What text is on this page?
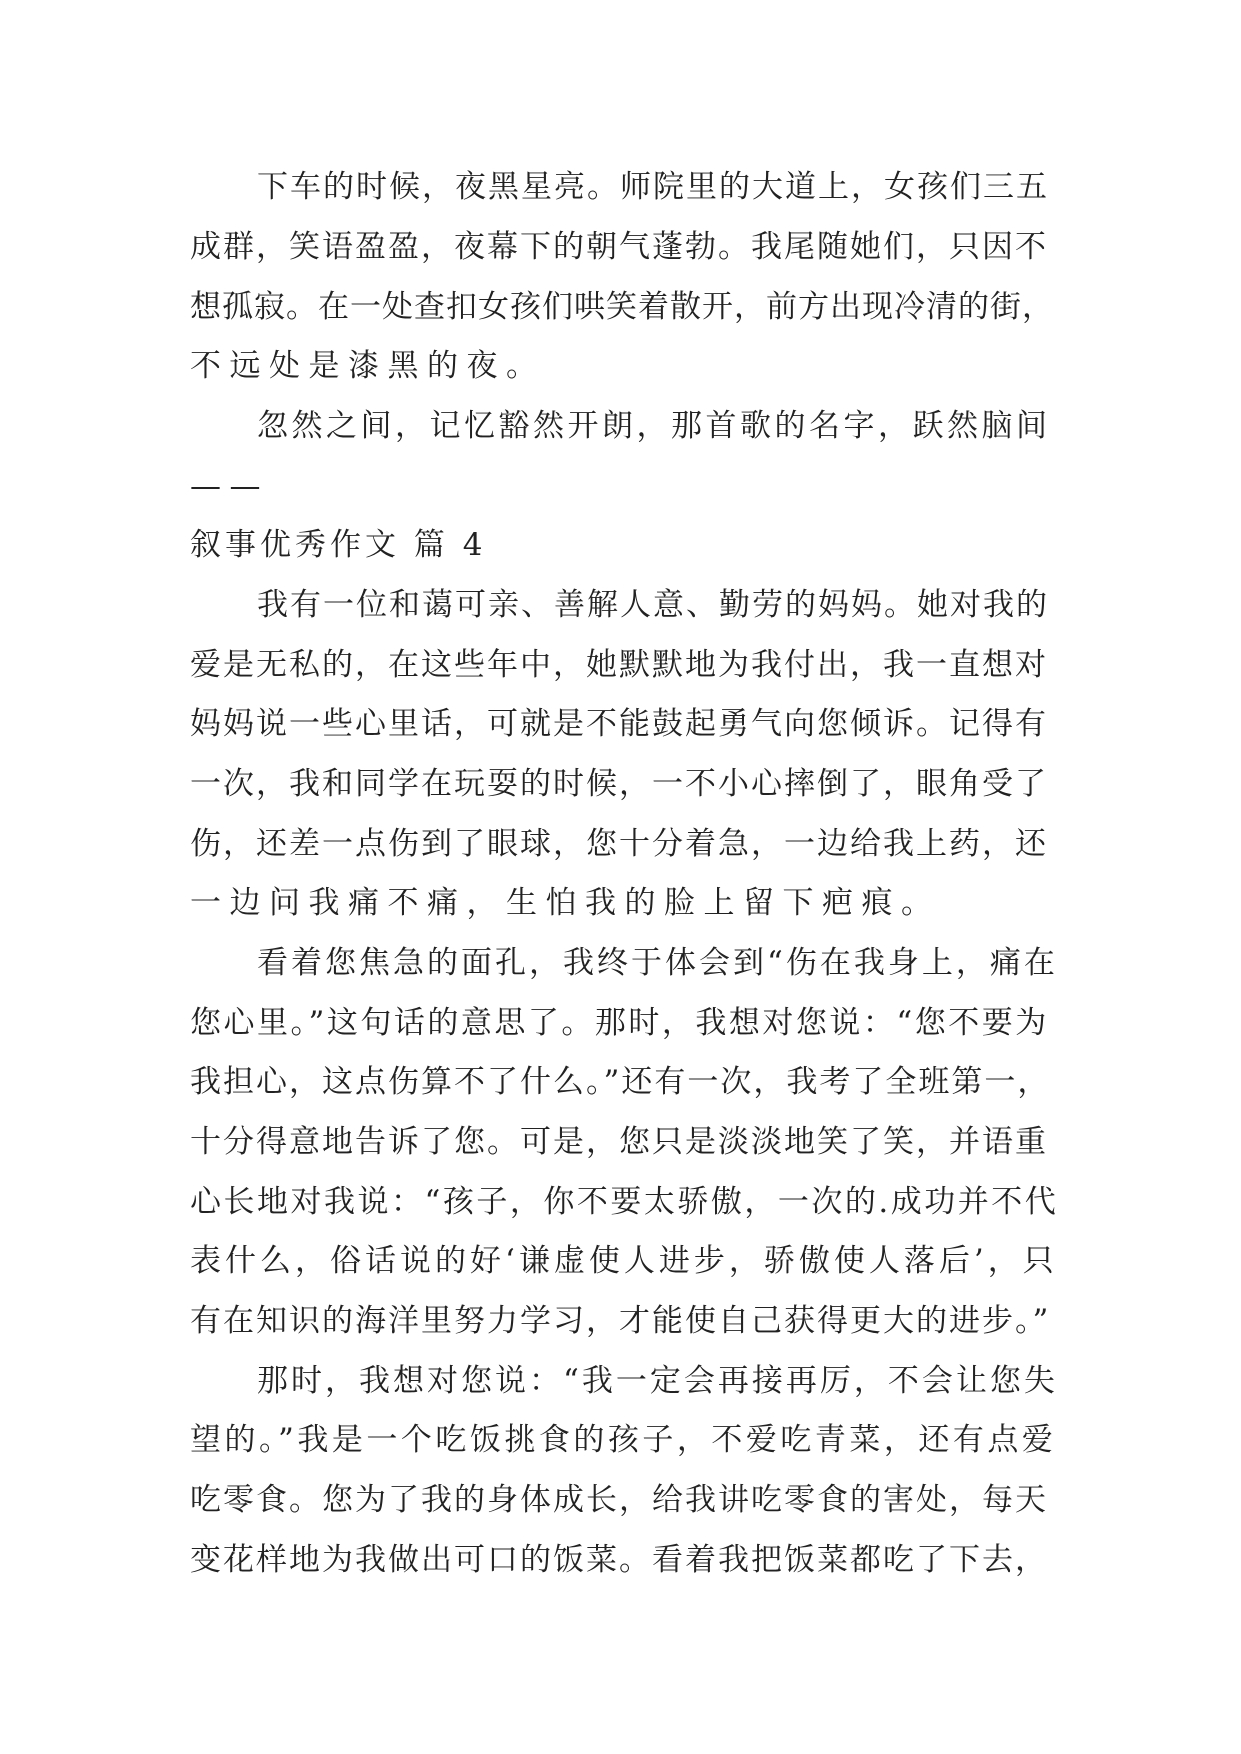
下车的时候，夜黑星亮。师院里的大道上，女孩们三五

成群，笑语盈盈，夜幕下的朝气蓬勃。我尾随她们，只因不

想孤寂。在一处查扣女孩们哄笑着散开，前方出现冷清的街，

不远处是漆黑的夜。

忽然之间，记忆豁然开朗，那首歌的名字，跃然脑间

——

叙事优秀作文 篇 4

我有一位和蔼可亲、善解人意、勤劳的妈妈。她对我的

爱是无私的，在这些年中，她默默地为我付出，我一直想对

妈妈说一些心里话，可就是不能鼓起勇气向您倾诉。记得有

一次，我和同学在玩耍的时候，一不小心摔倒了，眼角受了

伤，还差一点伤到了眼球，您十分着急，一边给我上药，还

一边问我痛不痛，生怕我的脸上留下疤痕。

看着您焦急的面孔，我终于体会到“伤在我身上，痛在

您心里。”这句话的意思了。那时，我想对您说：“您不要为

我担心，这点伤算不了什么。”还有一次，我考了全班第一，

十分得意地告诉了您。可是，您只是淡淡地笑了笑，并语重

心长地对我说：“孩子，你不要太骄傲，一次的.成功并不代

表什么，俗话说的好‘谦虚使人进步，骄傲使人落后’，只

有在知识的海洋里努力学习，才能使自己获得更大的进步。”

那时，我想对您说：“我一定会再接再厉，不会让您失

望的。”我是一个吃饭挑食的孩子，不爱吃青菜，还有点爱

吃零食。您为了我的身体成长，给我讲吃零食的害处，每天

变花样地为我做出可口的饭菜。看着我把饭菜都吃了下去，
